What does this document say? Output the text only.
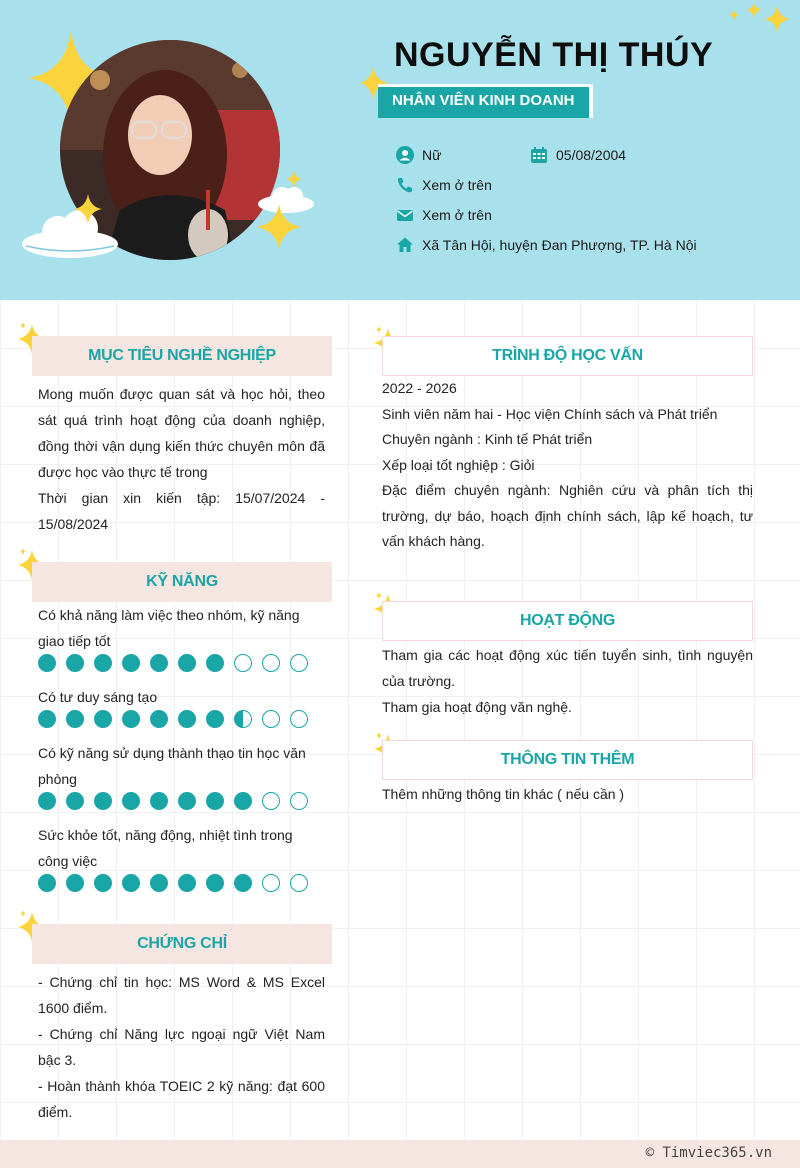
NGUYỄN THỊ THÚY
NHÂN VIÊN KINH DOANH
Nữ	05/08/2004
Xem ở trên
Xem ở trên
Xã Tân Hội, huyện Đan Phượng, TP. Hà Nội
MỤC TIÊU NGHỀ NGHIỆP

Mong muốn được quan sát và học hỏi, theo sát quá trình hoạt động của doanh nghiệp, đồng thời vận dụng kiến thức chuyên môn đã được học vào thực tế trong

Thời gian xin kiến tập: 15/07/2024 - 15/08/2024

KỸ NĂNG
Có khả năng làm việc theo nhóm, kỹ năng giao tiếp tốt
Có tư duy sáng tạo
Có kỹ năng sử dụng thành thạo tin học văn phòng
Sức khỏe tốt, năng động, nhiệt tình trong công việc
CHỨNG CHỈ

- Chứng chỉ tin học: MS Word & MS Excel 1600 điểm.

- Chứng chỉ Năng lực ngoại ngữ Việt Nam bậc 3.

- Hoàn thành khóa TOEIC 2 kỹ năng: đạt 600 điểm.

TRÌNH ĐỘ HỌC VẤN

2022 - 2026

Sinh viên năm hai - Học viện Chính sách và Phát triển

Chuyên ngành : Kinh tế Phát triển

Xếp loại tốt nghiệp : Giỏi

Đặc điểm chuyên ngành: Nghiên cứu và phân tích thị trường, dự báo, hoạch định chính sách, lập kế hoạch, tư vấn khách hàng.

HOẠT ĐỘNG

Tham gia các hoạt động xúc tiến tuyển sinh, tình nguyện của trường.

Tham gia hoạt động văn nghệ.

THÔNG TIN THÊM
Thêm những thông tin khác ( nếu cần )
© Timviec365.vn
